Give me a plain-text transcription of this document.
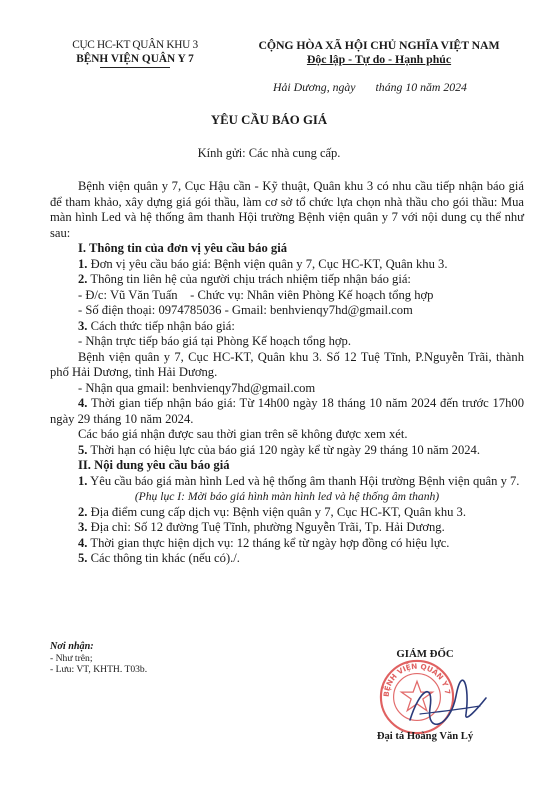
CỤC HC-KT QUÂN KHU 3
BỆNH VIỆN QUÂN Y 7
CỘNG HÒA XÃ HỘI CHỦ NGHĨA VIỆT NAM
Độc lập - Tự do - Hạnh phúc
Hải Dương, ngày tháng 10 năm 2024
YÊU CẦU BÁO GIÁ
Kính gửi: Các nhà cung cấp.

Bệnh viện quân y 7, Cục Hậu cần - Kỹ thuật, Quân khu 3 có nhu cầu tiếp nhận báo giá để tham khảo, xây dựng giá gói thầu, làm cơ sở tổ chức lựa chọn nhà thầu cho gói thầu: Mua màn hình Led và hệ thống âm thanh Hội trường Bệnh viện quân y 7 với nội dung cụ thể như sau:

I. Thông tin của đơn vị yêu cầu báo giá

1. Đơn vị yêu cầu báo giá: Bệnh viện quân y 7, Cục HC-KT, Quân khu 3.

2. Thông tin liên hệ của người chịu trách nhiệm tiếp nhận báo giá:

- Đ/c: Vũ Văn Tuấn    - Chức vụ: Nhân viên Phòng Kế hoạch tổng hợp

- Số điện thoại: 0974785036 - Gmail: benhvienqy7hd@gmail.com

3. Cách thức tiếp nhận báo giá:

- Nhận trực tiếp báo giá tại Phòng Kế hoạch tổng hợp.

Bệnh viện quân y 7, Cục HC-KT, Quân khu 3. Số 12 Tuệ Tĩnh, P.Nguyễn Trãi, thành phố Hải Dương, tỉnh Hải Dương.

- Nhận qua gmail: benhvienqy7hd@gmail.com

4. Thời gian tiếp nhận báo giá: Từ 14h00 ngày 18 tháng 10 năm 2024 đến trước 17h00 ngày 29 tháng 10 năm 2024.

Các báo giá nhận được sau thời gian trên sẽ không được xem xét.

5. Thời hạn có hiệu lực của báo giá 120 ngày kể từ ngày 29 tháng 10 năm 2024.

II. Nội dung yêu cầu báo giá

1. Yêu cầu báo giá màn hình Led và hệ thống âm thanh Hội trường Bệnh viện quân y 7.

(Phụ lục I: Mời báo giá hình màn hình led và hệ thống âm thanh)

2. Địa điểm cung cấp dịch vụ: Bệnh viện quân y 7, Cục HC-KT, Quân khu 3.

3. Địa chỉ: Số 12 đường Tuệ Tĩnh, phường Nguyễn Trãi, Tp. Hải Dương.

4. Thời gian thực hiện dịch vụ: 12 tháng kể từ ngày hợp đồng có hiệu lực.

5. Các thông tin khác (nếu có)./.

Nơi nhận:
- Như trên;
- Lưu: VT, KHTH. T03b.
GIÁM ĐỐC
BỆNH VIỆN QUÂN Y 7
Đại tá Hoàng Văn Lý
